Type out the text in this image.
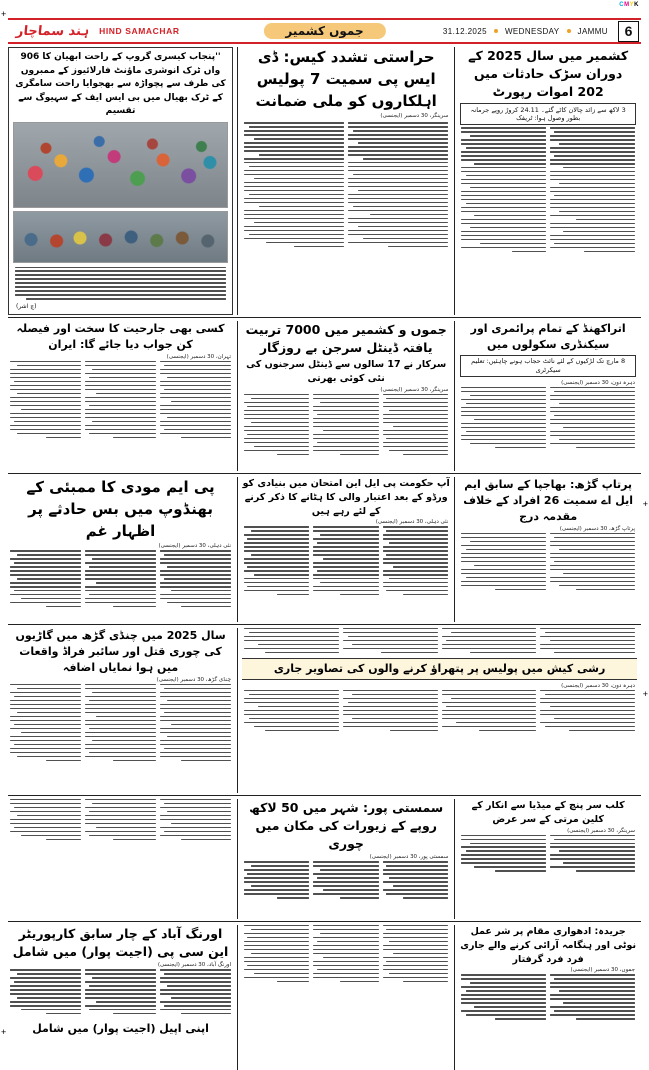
CMYK
+
+
+
+
ہند سماچار HIND SAMACHAR	جموں کشمیر	31.12.2025 WEDNESDAY JAMMU	6
''پنجاب کیسری گروپ کے راحت ابھیان کا 906 واں ٹرک انوشری ماؤنٹ فارلائیوز کے ممبروں کی طرف سے پچواڑہ سے بھجوایا راحت سامگری کے ٹرک بھیال میں بی ایس ایف کے سہیوگ سے تقسیم
(چ اشر)
حراستی تشدد کیس: ڈی ایس پی سمیت 7 پولیس اہلکاروں کو ملی ضمانت
سرینگر، 30 دسمبر (ایجنسی)
کشمیر میں سال 2025 کے دوران سڑک حادثات میں 202 اموات رپورٹ
3 لاکھ سے زائد چالان کاٹے گئے۔ 24.11 کروڑ روپے جرمانہ بطور وصول ہوا: ٹریفک
کسی بھی جارحیت کا سخت اور فیصلہ کن جواب دیا جائے گا: ایران
تہران، 30 دسمبر (ایجنسی)
جموں و کشمیر میں 7000 تربیت یافتہ ڈینٹل سرجن بے روزگار
سرکار نے 17 سالوں سے ڈینٹل سرجنوں کی نئی کوئی بھرتی
سرینگر، 30 دسمبر (ایجنسی)
اتراکھنڈ کے تمام پرائمری اور سیکنڈری سکولوں میں
8 مارچ تک لڑکیوں کے لئے نائٹ حجاب ہونے چاہئیں: تعلیم سیکرٹری
دہرہ دون، 30 دسمبر (ایجنسی)
پی ایم مودی کا ممبئی کے بھنڈوپ میں بس حادثے پر اظہار غم
نئی دہلی، 30 دسمبر (ایجنسی)
آپ حکومت پی ایل این امتحان میں بنیادی کو ورڈو کے بعد اعتبار والی کا ہٹانے کا ذکر کرنے کے لئے رہے ہیں
نئی دہلی، 30 دسمبر (ایجنسی)
پرتاپ گڑھ: بھاجپا کے سابق ایم ایل اے سمیت 26 افراد کے خلاف مقدمہ درج
پرتاپ گڑھ، 30 دسمبر (ایجنسی)
سال 2025 میں چنڈی گڑھ میں گاڑیوں کی چوری قتل اور سائبر فراڈ واقعات میں ہوا نمایاں اضافہ
چنڈی گڑھ، 30 دسمبر (ایجنسی)
رشی کیش میں پولیس پر پتھراؤ کرنے والوں کی تصاویر جاری
دہرہ دون، 30 دسمبر (ایجنسی)
سمستی پور: شہر میں 50 لاکھ روپے کے زیورات کی مکان میں چوری
سمستی پور، 30 دسمبر (ایجنسی)
کلب سر پنچ کے میڈیا سے انکار کے کلین مرتی کے سر عرض
سرینگر، 30 دسمبر (ایجنسی)
اورنگ آباد کے چار سابق کارپوریٹر این سی پی (اجیت پوار) میں شامل
اورنگ آباد، 30 دسمبر (ایجنسی)
اپنی اپیل (اجیت پوار) میں شامل
جریدہ: ادھواری مقام پر شر عمل نوٹی اور ہنگامہ آرائی کرنے والے جاری فرد فرد گرفتار
جموں، 30 دسمبر (ایجنسی)
